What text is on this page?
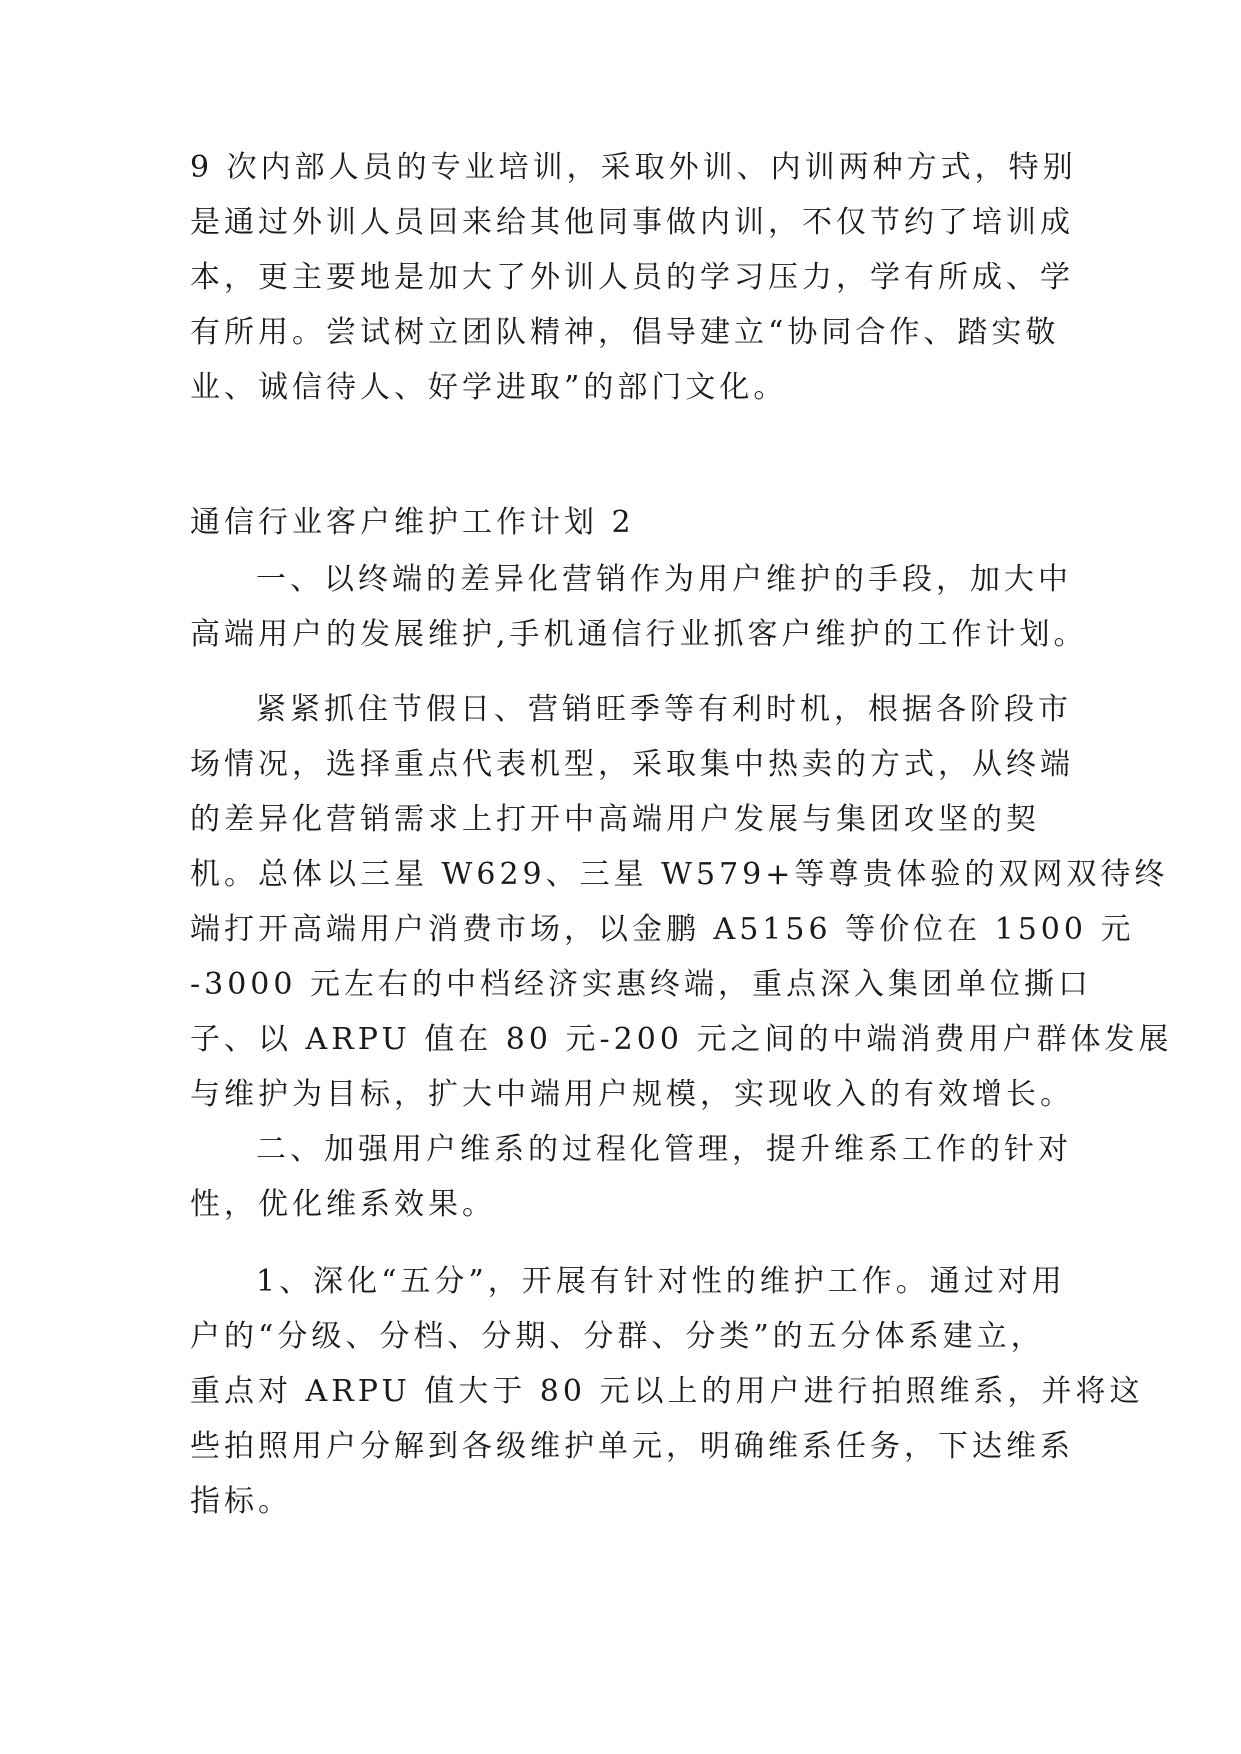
9 次内部人员的专业培训，采取外训、内训两种方式，特别
是通过外训人员回来给其他同事做内训，不仅节约了培训成
本，更主要地是加大了外训人员的学习压力，学有所成、学
有所用。尝试树立团队精神，倡导建立“协同合作、踏实敬
业、诚信待人、好学进取”的部门文化。
通信行业客户维护工作计划 2
一、以终端的差异化营销作为用户维护的手段，加大中
高端用户的发展维护,手机通信行业抓客户维护的工作计划。
紧紧抓住节假日、营销旺季等有利时机，根据各阶段市
场情况，选择重点代表机型，采取集中热卖的方式，从终端
的差异化营销需求上打开中高端用户发展与集团攻坚的契
机。总体以三星 W629、三星 W579+等尊贵体验的双网双待终
端打开高端用户消费市场，以金鹏 A5156 等价位在 1500 元
-3000 元左右的中档经济实惠终端，重点深入集团单位撕口
子、以 ARPU 值在 80 元-200 元之间的中端消费用户群体发展
与维护为目标，扩大中端用户规模，实现收入的有效增长。
二、加强用户维系的过程化管理，提升维系工作的针对
性，优化维系效果。
1、深化“五分”，开展有针对性的维护工作。通过对用
户的“分级、分档、分期、分群、分类”的五分体系建立，
重点对 ARPU 值大于 80 元以上的用户进行拍照维系，并将这
些拍照用户分解到各级维护单元，明确维系任务，下达维系
指标。
